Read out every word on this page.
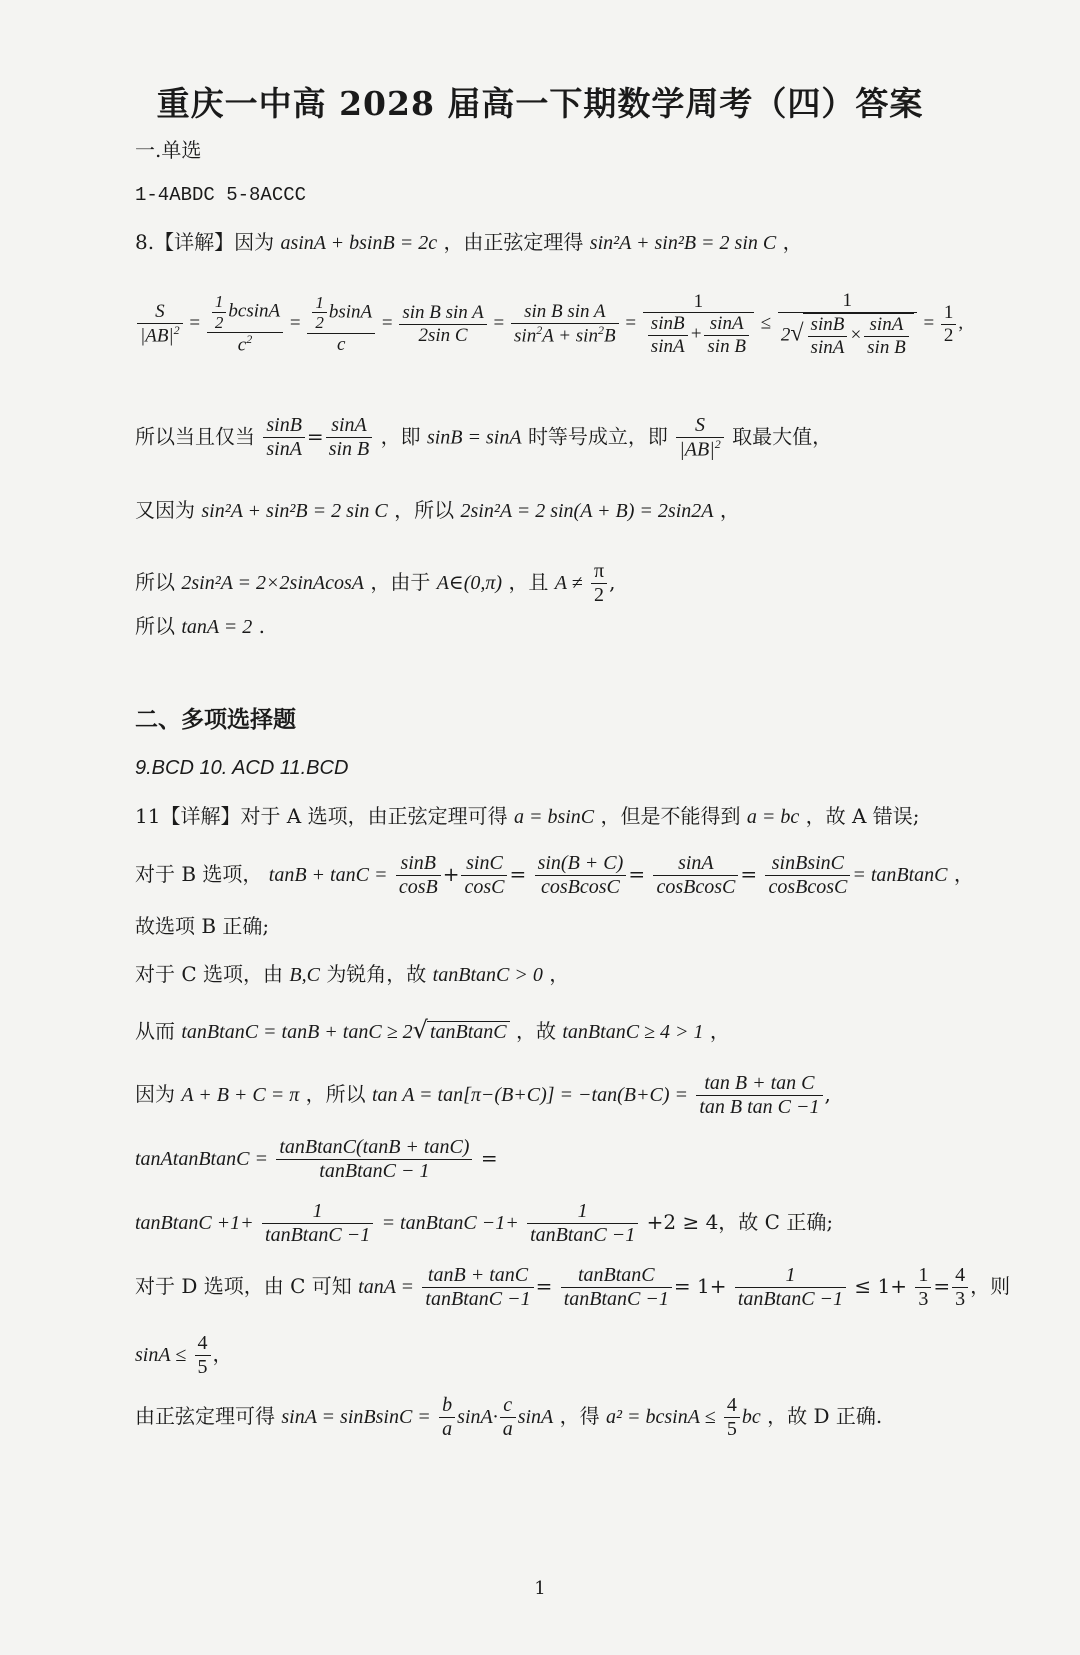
重庆一中高 2028 届高一下期数学周考（四）答案
一.单选
1-4ABDC 5-8ACCC
8.【详解】因为 asinA + bsinB = 2c ，由正弦定理得 sin²A + sin²B = 2 sin C ，
$\frac{S}{|AB|^2} = \frac{\frac{1}{2} bcsinA}{c^2} = \frac{\frac{1}{2} bsinA}{c} = \frac{\text{sin B sin A}}{\text{2sin C}} = \frac{\text{sin B sin A}}{\sin^2A + \sin^2B} = \frac{1}{\frac{\sin B}{\sin A} + \frac{\sin A}{\text{sin B}}} \le \frac{1}{2√ \frac{\sin B}{\sin A} \times \frac{\sin A}{\text{sin B}}} = \frac{1}{2}$ ,
所以当且仅当 $\frac{\sin B}{\sin A} = \frac{\sin A}{\text{sin B}}$ ，即 sinB = sinA 时等号成立，即 $\frac{S}{|AB|^2}$ 取最大值，
又因为 sin²A + sin²B = 2 sin C ，所以 2sin²A = 2 sin(A + B) = 2sin2A ，
所以 2sin²A = 2×2sinAcosA ，由于 A∈(0,π) ，且 $A \ne \frac{\pi}{2}$ ,
所以 tanA = 2 .
二、多项选择题
9.BCD 10. ACD 11.BCD
11【详解】对于 A 选项，由正弦定理可得 a = bsinC ，但是不能得到 a = bc ，故 A 错误;
对于 B 选项， $\tan B + \tan C = \frac{\sin B}{\cos B} + \frac{\sin C}{\cos C} = \frac{\sin(B + C)}{\text{cosBcosC}} = \frac{\sin A}{\text{cosBcosC}} = \frac{\text{sinBsinC}}{\text{cosBcosC}}$ = tanBtanC ，
故选项 B 正确;
对于 C 选项，由 B,C 为锐角，故 tanBtanC > 0 ，
从而 tanBtanC = tanB + tanC ≥ 2√ tanBtanC ，故 tanBtanC ≥ 4 > 1 ，
因为 A + B + C = π ，所以 $\tan A = \tan[\pi-(B+C)] = -\tan(B+C) = \frac{\text{tan B + tan C}}{\text{tan B tan C −1}}$ ,
tanAtanBtanC = $\frac{\text{tanBtanC(tanB + tanC)}}{\text{tanBtanC − 1}}$ =
tanBtanC $+1+ \frac{1}{\text{tanBtanC −1}}$ = tanBtanC $-1+ \frac{1}{\text{tanBtanC −1}} +2 \ge 4$，故 C 正确;
对于 D 选项，由 C 可知 $\tan A = \frac{\tan B + \tan C}{\text{tanBtanC −1}} = \frac{\text{tanBtanC}}{\text{tanBtanC −1}} = 1+ \frac{1}{\text{tanBtanC −1}} \le 1+ \frac{1}{3} = \frac{4}{3}$ ，则
$\sin A \le \frac{4}{5}$ ，
由正弦定理可得 sinA = sinBsinC = $\frac{b}{a} \sin A\cdot \frac{c}{a}$ sinA ，得 $a^2 = bcsinA \le \frac{4}{5}$ bc ，故 D 正确.
1
